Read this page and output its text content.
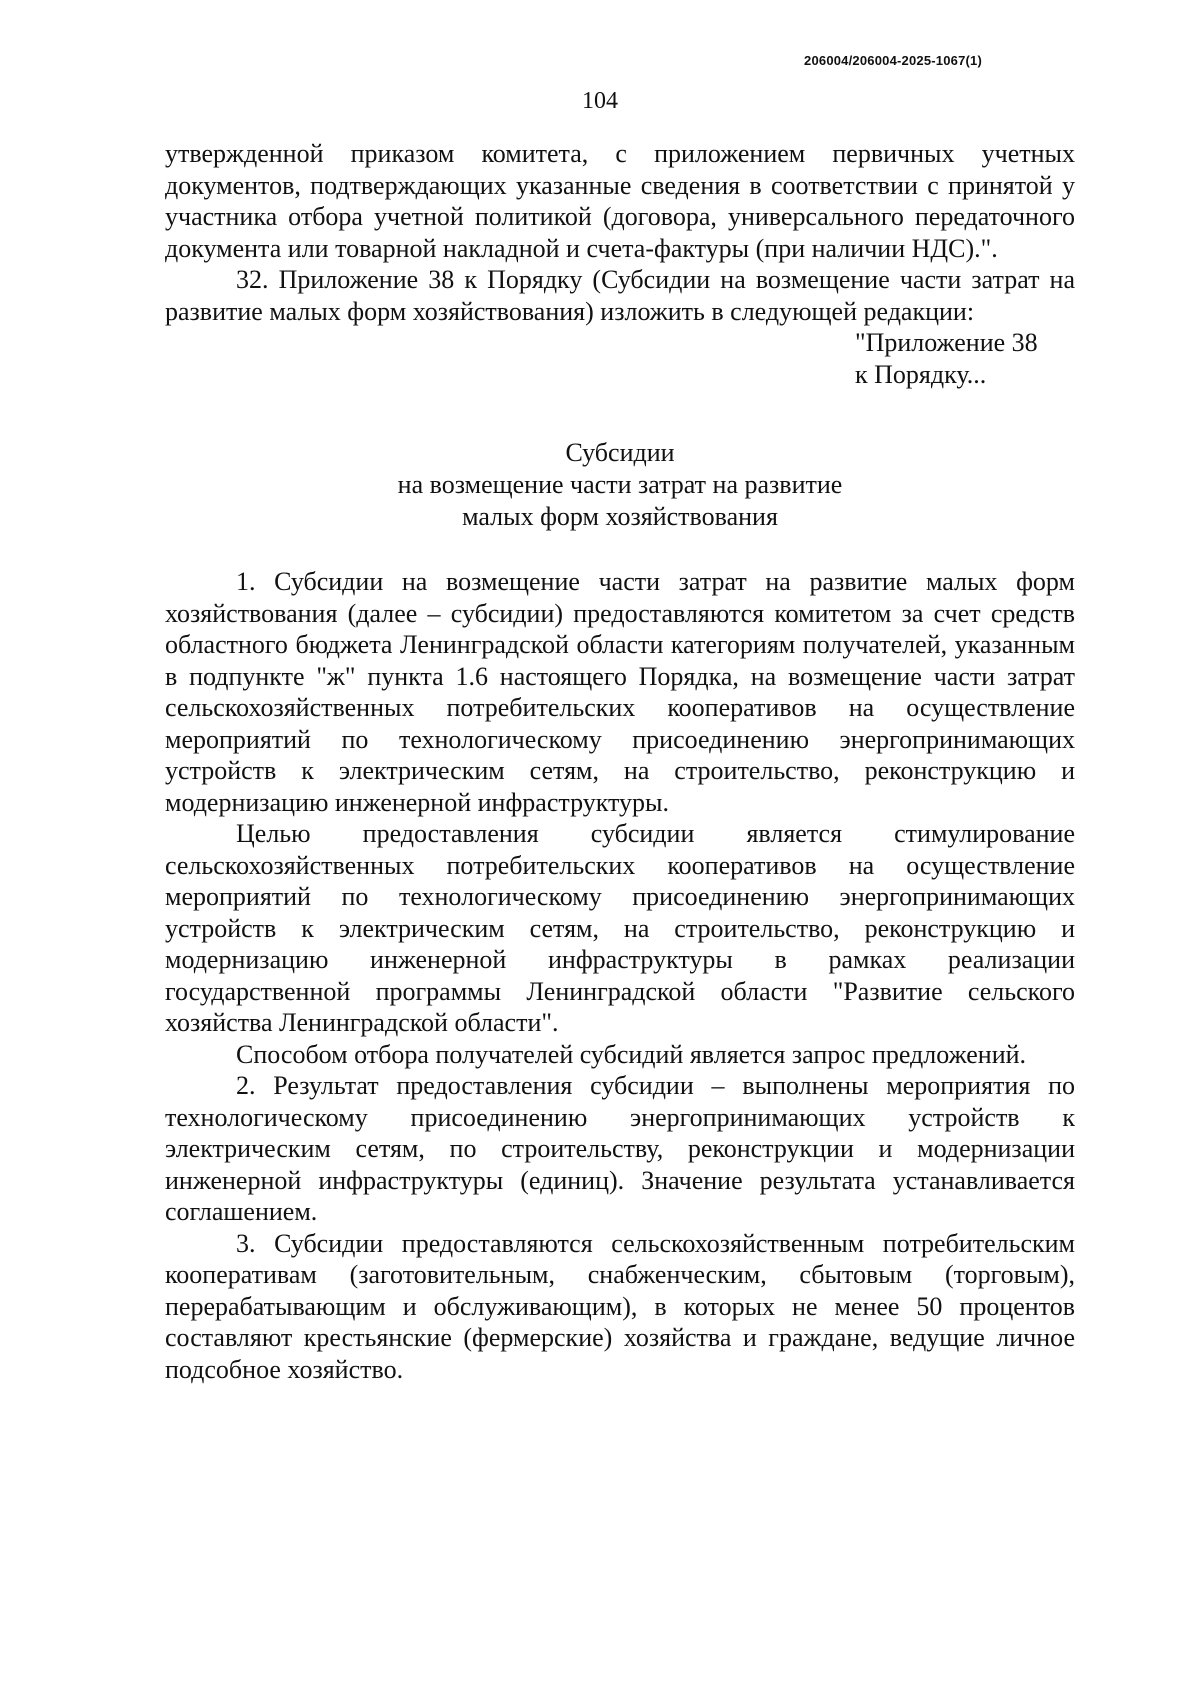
206004/206004-2025-1067(1)
104

утвержденной приказом комитета, с приложением первичных учетных документов, подтверждающих указанные сведения в соответствии с принятой у участника отбора учетной политикой (договора, универсального передаточного документа или товарной накладной и счета-фактуры (при наличии НДС).".

32. Приложение 38 к Порядку (Субсидии на возмещение части затрат на развитие малых форм хозяйствования) изложить в следующей редакции:

"Приложение 38
к Порядку...
Субсидии
на возмещение части затрат на развитие
малых форм хозяйствования

1. Субсидии на возмещение части затрат на развитие малых форм хозяйствования (далее – субсидии) предоставляются комитетом за счет средств областного бюджета Ленинградской области категориям получателей, указанным в подпункте "ж" пункта 1.6 настоящего Порядка, на возмещение части затрат сельскохозяйственных потребительских кооперативов на осуществление мероприятий по технологическому присоединению энергопринимающих устройств к электрическим сетям, на строительство, реконструкцию и модернизацию инженерной инфраструктуры.

Целью предоставления субсидии является стимулирование сельскохозяйственных потребительских кооперативов на осуществление мероприятий по технологическому присоединению энергопринимающих устройств к электрическим сетям, на строительство, реконструкцию и модернизацию инженерной инфраструктуры в рамках реализации государственной программы Ленинградской области "Развитие сельского хозяйства Ленинградской области".

Способом отбора получателей субсидий является запрос предложений.

2. Результат предоставления субсидии – выполнены мероприятия по технологическому присоединению энергопринимающих устройств к электрическим сетям, по строительству, реконструкции и модернизации инженерной инфраструктуры (единиц). Значение результата устанавливается соглашением.

3. Субсидии предоставляются сельскохозяйственным потребительским кооперативам (заготовительным, снабженческим, сбытовым (торговым), перерабатывающим и обслуживающим), в которых не менее 50 процентов составляют крестьянские (фермерские) хозяйства и граждане, ведущие личное подсобное хозяйство.
